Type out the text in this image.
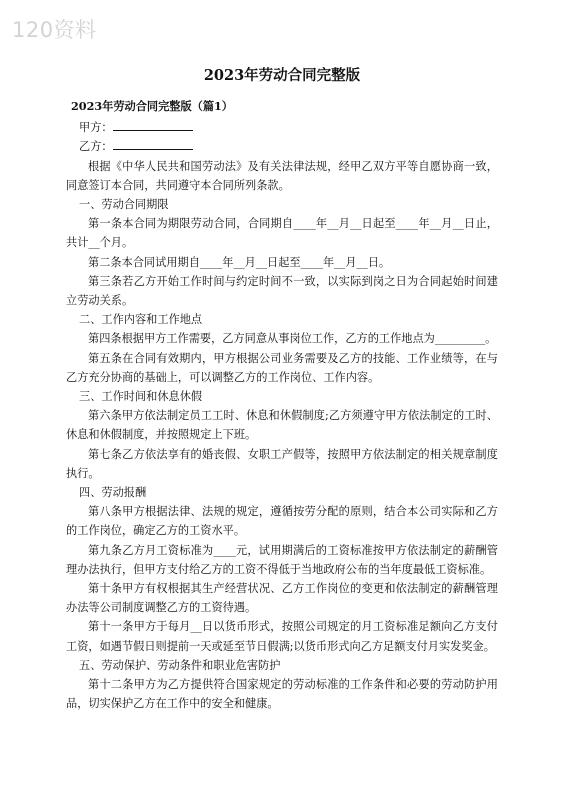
120资料
2023年劳动合同完整版
2023年劳动合同完整版（篇1）
甲方：
乙方：

根据《中华人民共和国劳动法》及有关法律法规，经甲乙双方平等自愿协商一致，同意签订本合同，共同遵守本合同所列条款。

一、劳动合同期限

第一条本合同为期限劳动合同，合同期自____年__月__日起至____年__月__日止，共计__个月。

第二条本合同试用期自____年__月__日起至____年__月__日。

第三条若乙方开始工作时间与约定时间不一致，以实际到岗之日为合同起始时间建立劳动关系。

二、工作内容和工作地点

第四条根据甲方工作需要，乙方同意从事岗位工作，乙方的工作地点为_________。

第五条在合同有效期内，甲方根据公司业务需要及乙方的技能、工作业绩等，在与乙方充分协商的基础上，可以调整乙方的工作岗位、工作内容。

三、工作时间和休息休假

第六条甲方依法制定员工工时、休息和休假制度;乙方须遵守甲方依法制定的工时、休息和休假制度，并按照规定上下班。

第七条乙方依法享有的婚丧假、女职工产假等，按照甲方依法制定的相关规章制度执行。

四、劳动报酬

第八条甲方根据法律、法规的规定，遵循按劳分配的原则，结合本公司实际和乙方的工作岗位，确定乙方的工资水平。

第九条乙方月工资标准为____元，试用期满后的工资标准按甲方依法制定的薪酬管理办法执行，但甲方支付给乙方的工资不得低于当地政府公布的当年度最低工资标准。

第十条甲方有权根据其生产经营状况、乙方工作岗位的变更和依法制定的薪酬管理办法等公司制度调整乙方的工资待遇。

第十一条甲方于每月__日以货币形式，按照公司规定的月工资标准足额向乙方支付工资，如遇节假日则提前一天或延至节日假满;以货币形式向乙方足额支付月实发奖金。

五、劳动保护、劳动条件和职业危害防护

第十二条甲方为乙方提供符合国家规定的劳动标准的工作条件和必要的劳动防护用品，切实保护乙方在工作中的安全和健康。
